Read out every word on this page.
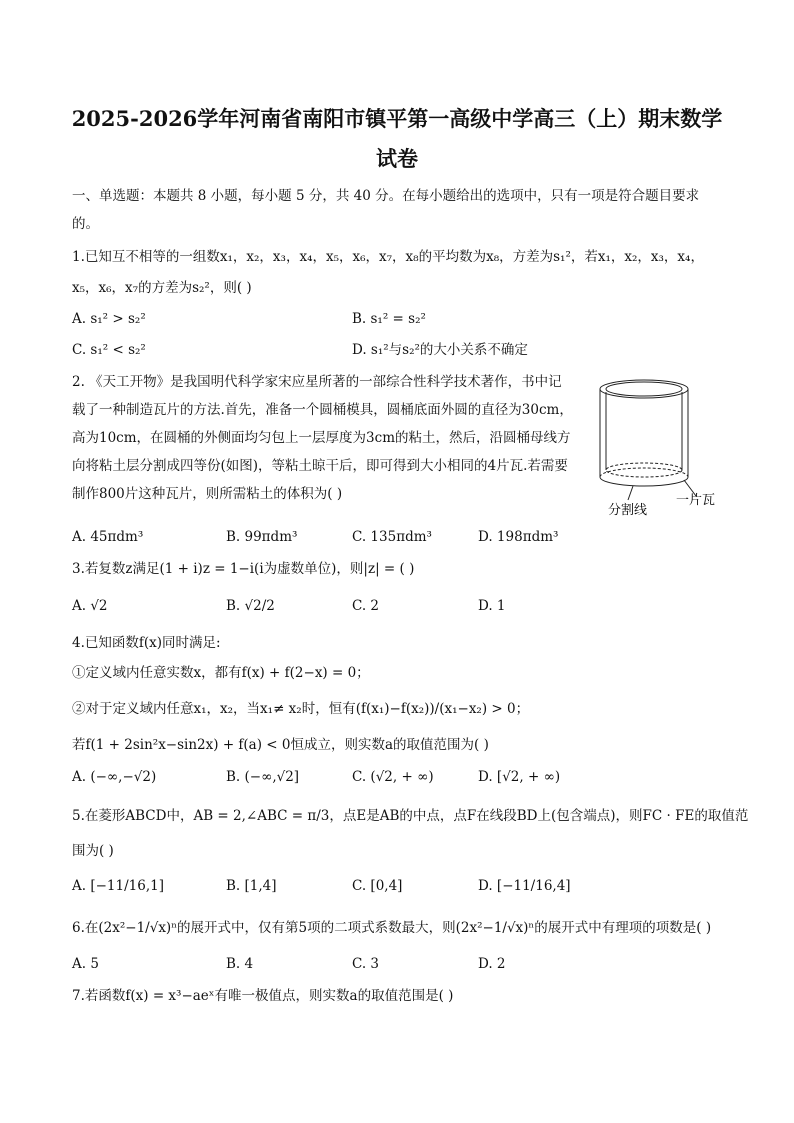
2025-2026学年河南省南阳市镇平第一高级中学高三（上）期末数学
试卷
一、单选题：本题共 8 小题，每小题 5 分，共 40 分。在每小题给出的选项中，只有一项是符合题目要求
的。
1.已知互不相等的一组数x₁，x₂，x₃，x₄，x₅，x₆，x₇，x₈的平均数为x₈，方差为s₁²，若x₁，x₂，x₃，x₄，
x₅，x₆，x₇的方差为s₂²，则( )
A. s₁² > s₂²	B. s₁² = s₂²
C. s₁² < s₂²	D. s₁²与s₂²的大小关系不确定
2. 《天工开物》是我国明代科学家宋应星所著的一部综合性科学技术著作，书中记
载了一种制造瓦片的方法.首先，准备一个圆桶模具，圆桶底面外圆的直径为30cm，
高为10cm，在圆桶的外侧面均匀包上一层厚度为3cm的粘土，然后，沿圆桶母线方
向将粘土层分割成四等份(如图)，等粘土晾干后，即可得到大小相同的4片瓦.若需要
制作800片这种瓦片，则所需粘土的体积为( )
分割线
一片瓦
A. 45πdm³	B. 99πdm³	C. 135πdm³	D. 198πdm³
3.若复数z满足(1 + i)z = 1−i(i为虚数单位)，则|z| = ( )
A. √2	B. √2/2	C. 2	D. 1
4.已知函数f(x)同时满足:
①定义域内任意实数x，都有f(x) + f(2−x) = 0；
②对于定义域内任意x₁，x₂，当x₁≠ x₂时，恒有(f(x₁)−f(x₂))/(x₁−x₂) > 0；
若f(1 + 2sin²x−sin2x) + f(a) < 0恒成立，则实数a的取值范围为( )
A. (−∞,−√2)	B. (−∞,√2]	C. (√2, + ∞)	D. [√2, + ∞)
5.在菱形ABCD中，AB = 2,∠ABC = π/3，点E是AB的中点，点F在线段BD上(包含端点)，则FC · FE的取值范
围为( )
A. [−11/16,1]	B. [1,4]	C. [0,4]	D. [−11/16,4]
6.在(2x²−1/√x)ⁿ的展开式中，仅有第5项的二项式系数最大，则(2x²−1/√x)ⁿ的展开式中有理项的项数是( )
A. 5	B. 4	C. 3	D. 2
7.若函数f(x) = x³−aeˣ有唯一极值点，则实数a的取值范围是( )
